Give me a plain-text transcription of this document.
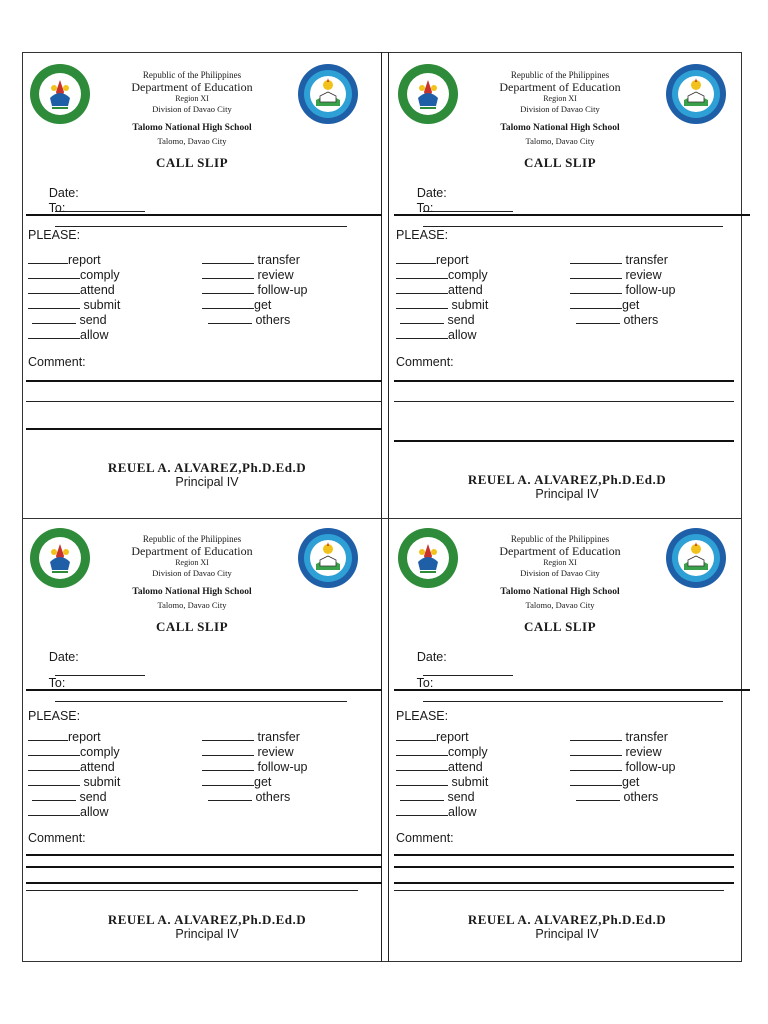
Republic of the Philippines
Department of Education
Region XI
Division of Davao City
Talomo National High School
Talomo, Davao City
CALL SLIP

Date:

To:

PLEASE:
report
comply
attend
submit
send
allow
transfer
review
follow-up
get
others
Comment:
REUEL A. ALVAREZ,Ph.D.Ed.D
Principal IV
Republic of the Philippines
Department of Education
Region XI
Division of Davao City
Talomo National High School
Talomo, Davao City
CALL SLIP

Date:

To:

PLEASE:
report
comply
attend
submit
send
allow
transfer
review
follow-up
get
others
Comment:
REUEL A. ALVAREZ,Ph.D.Ed.D
Principal IV
Republic of the Philippines
Department of Education
Region XI
Division of Davao City
Talomo National High School
Talomo, Davao City
CALL SLIP

Date:

To:

PLEASE:
report
comply
attend
submit
send
allow
transfer
review
follow-up
get
others
Comment:
REUEL A. ALVAREZ,Ph.D.Ed.D
Principal IV
Republic of the Philippines
Department of Education
Region XI
Division of Davao City
Talomo National High School
Talomo, Davao City
CALL SLIP

Date:

To:

PLEASE:
report
comply
attend
submit
send
allow
transfer
review
follow-up
get
others
Comment:
REUEL A. ALVAREZ,Ph.D.Ed.D
Principal IV
